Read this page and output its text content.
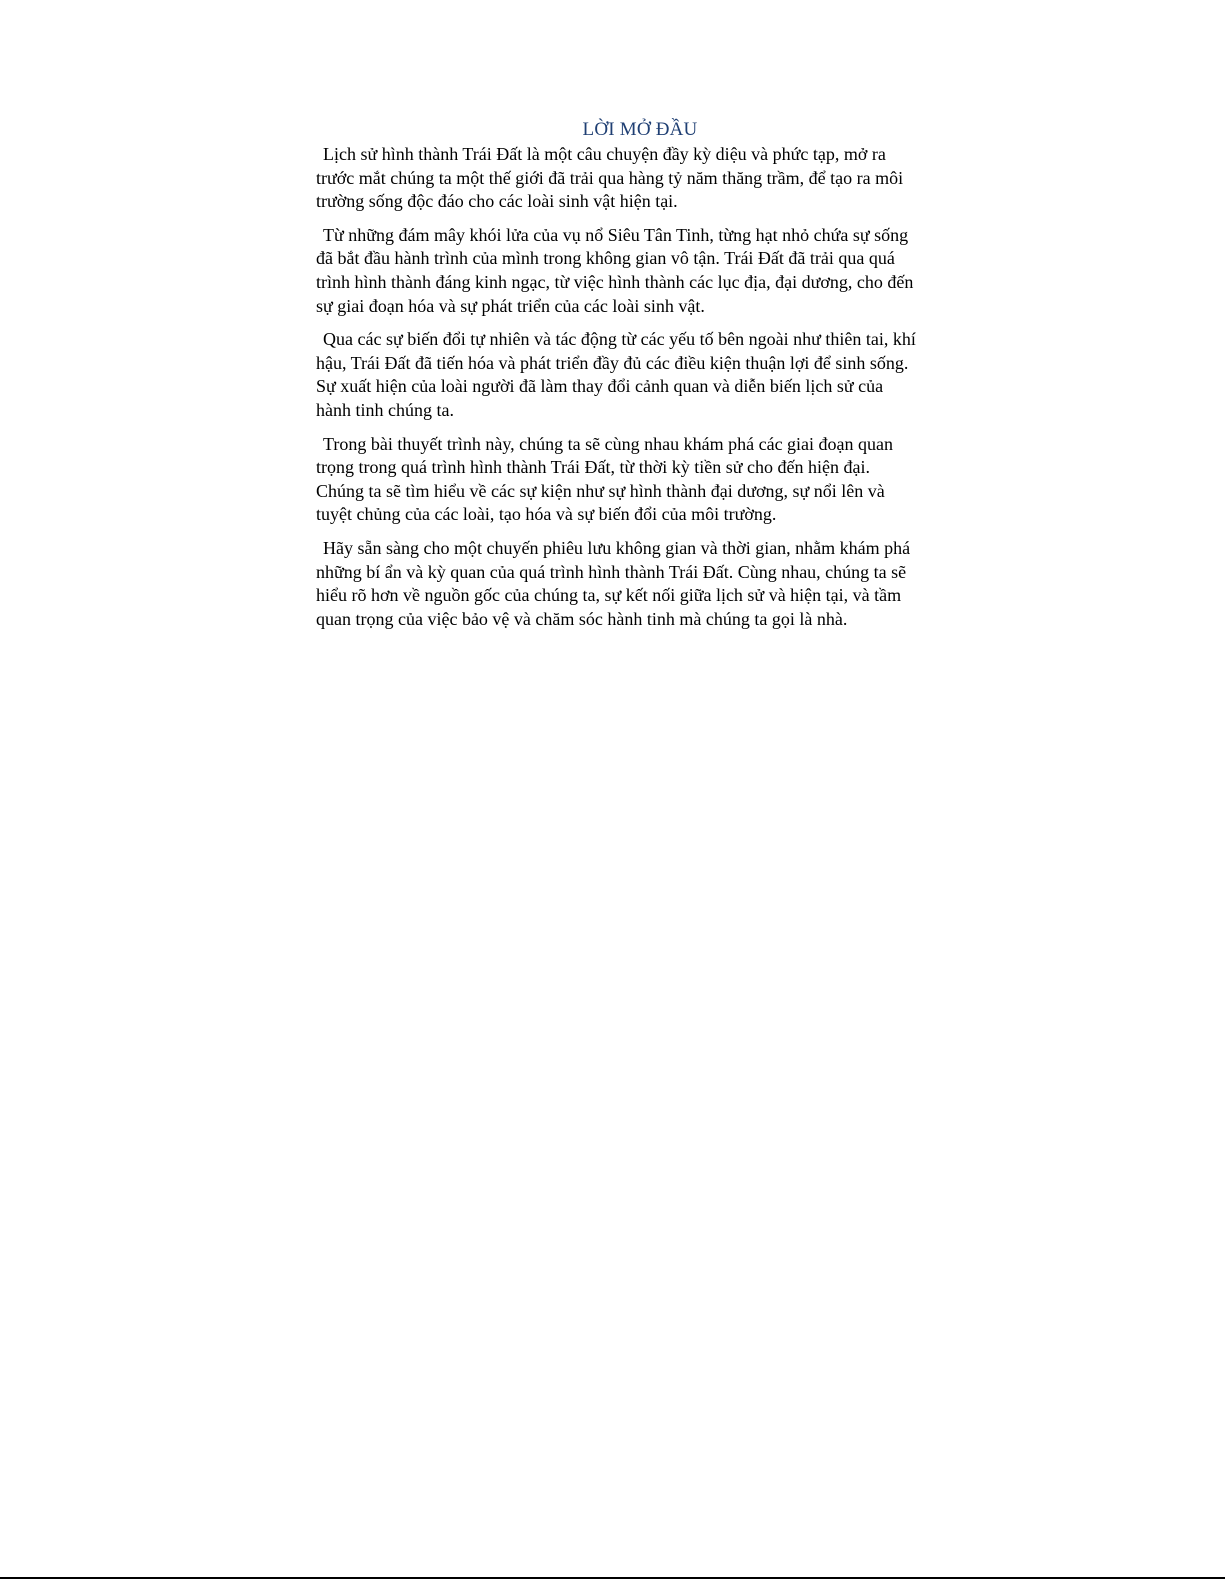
LỜI MỞ ĐẦU
Lịch sử hình thành Trái Đất là một câu chuyện đầy kỳ diệu và phức tạp, mở ra
trước mắt chúng ta một thế giới đã trải qua hàng tỷ năm thăng trầm, để tạo ra môi
trường sống độc đáo cho các loài sinh vật hiện tại.
Từ những đám mây khói lửa của vụ nổ Siêu Tân Tinh, từng hạt nhỏ chứa sự sống
đã bắt đầu hành trình của mình trong không gian vô tận. Trái Đất đã trải qua quá
trình hình thành đáng kinh ngạc, từ việc hình thành các lục địa, đại dương, cho đến
sự giai đoạn hóa và sự phát triển của các loài sinh vật.
Qua các sự biến đổi tự nhiên và tác động từ các yếu tố bên ngoài như thiên tai, khí
hậu, Trái Đất đã tiến hóa và phát triển đầy đủ các điều kiện thuận lợi để sinh sống.
Sự xuất hiện của loài người đã làm thay đổi cảnh quan và diễn biến lịch sử của
hành tinh chúng ta.
Trong bài thuyết trình này, chúng ta sẽ cùng nhau khám phá các giai đoạn quan
trọng trong quá trình hình thành Trái Đất, từ thời kỳ tiền sử cho đến hiện đại.
Chúng ta sẽ tìm hiểu về các sự kiện như sự hình thành đại dương, sự nổi lên và
tuyệt chủng của các loài, tạo hóa và sự biến đổi của môi trường.
Hãy sẵn sàng cho một chuyến phiêu lưu không gian và thời gian, nhằm khám phá
những bí ẩn và kỳ quan của quá trình hình thành Trái Đất. Cùng nhau, chúng ta sẽ
hiểu rõ hơn về nguồn gốc của chúng ta, sự kết nối giữa lịch sử và hiện tại, và tầm
quan trọng của việc bảo vệ và chăm sóc hành tinh mà chúng ta gọi là nhà.
